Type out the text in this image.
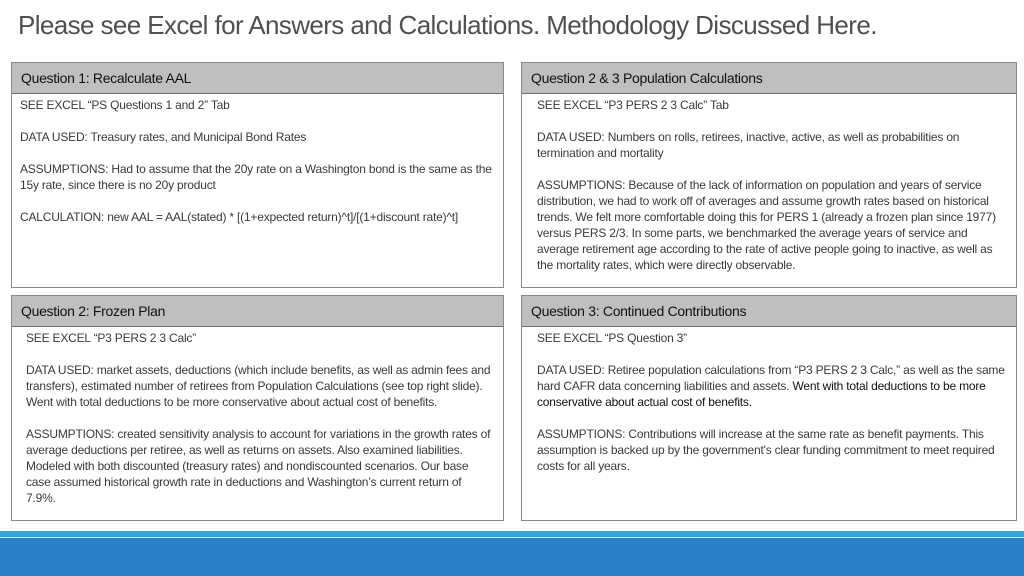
Please see Excel for Answers and Calculations. Methodology Discussed Here.
Question 1: Recalculate AAL

SEE EXCEL “PS Questions 1 and 2” Tab

DATA USED: Treasury rates, and Municipal Bond Rates

ASSUMPTIONS: Had to assume that the 20y rate on a Washington bond is the same as the 15y rate, since there is no 20y product

CALCULATION: new AAL = AAL(stated) * [(1+expected return)^t]/[(1+discount rate)^t]

Question 2 & 3 Population Calculations

SEE EXCEL “P3 PERS 2 3 Calc” Tab

DATA USED: Numbers on rolls, retirees, inactive, active, as well as probabilities on termination and mortality

ASSUMPTIONS: Because of the lack of information on population and years of service distribution, we had to work off of averages and assume growth rates based on historical trends. We felt more comfortable doing this for PERS 1 (already a frozen plan since 1977) versus PERS 2/3. In some parts, we benchmarked the average years of service and average retirement age according to the rate of active people going to inactive, as well as the mortality rates, which were directly observable.

Question 2: Frozen Plan

SEE EXCEL “P3 PERS 2 3 Calc”

DATA USED: market assets, deductions (which include benefits, as well as admin fees and transfers), estimated number of retirees from Population Calculations (see top right slide). Went with total deductions to be more conservative about actual cost of benefits.

ASSUMPTIONS: created sensitivity analysis to account for variations in the growth rates of average deductions per retiree, as well as returns on assets. Also examined liabilities. Modeled with both discounted (treasury rates) and nondiscounted scenarios. Our base case assumed historical growth rate in deductions and Washington’s current return of 7.9%.

Question 3: Continued Contributions

SEE EXCEL “PS Question 3”

DATA USED: Retiree population calculations from “P3 PERS 2 3 Calc,” as well as the same hard CAFR data concerning liabilities and assets. Went with total deductions to be more conservative about actual cost of benefits.

ASSUMPTIONS: Contributions will increase at the same rate as benefit payments. This assumption is backed up by the government's clear funding commitment to meet required costs for all years.
